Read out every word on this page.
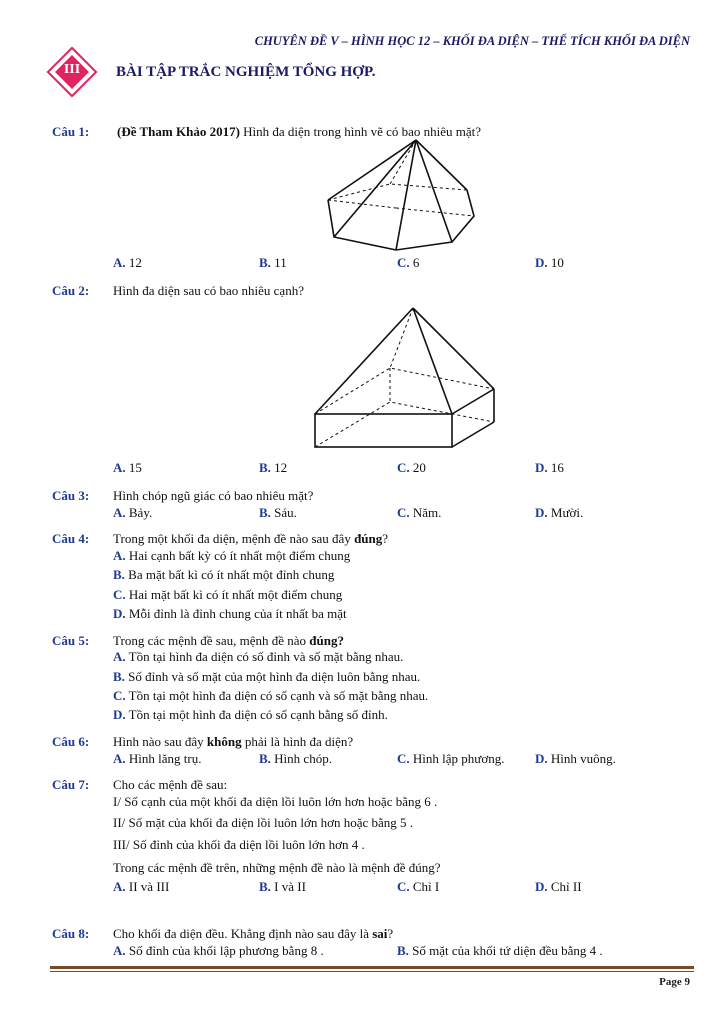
CHUYÊN ĐỀ V – HÌNH HỌC 12 – KHỐI ĐA DIỆN – THỂ TÍCH KHỐI ĐA DIỆN
III	BÀI TẬP TRẮC NGHIỆM TỔNG HỢP.
Câu 1: (Đề Tham Khảo 2017) Hình đa diện trong hình vẽ có bao nhiêu mặt?
A. 12	B. 11	C. 6	D. 10
Câu 2: Hình đa diện sau có bao nhiêu cạnh?
A. 15	B. 12	C. 20	D. 16
Câu 3: Hình chóp ngũ giác có bao nhiêu mặt?
A. Bảy.	B. Sáu.	C. Năm.	D. Mười.
Câu 4: Trong một khối đa diện, mệnh đề nào sau đây đúng?
A. Hai cạnh bất kỳ có ít nhất một điểm chung
B. Ba mặt bất kì có ít nhất một đỉnh chung
C. Hai mặt bất kì có ít nhất một điểm chung
D. Mỗi đỉnh là đỉnh chung của ít nhất ba mặt
Câu 5: Trong các mệnh đề sau, mệnh đề nào đúng?
A. Tồn tại hình đa diện có số đỉnh và số mặt bằng nhau.
B. Số đỉnh và số mặt của một hình đa diện luôn bằng nhau.
C. Tồn tại một hình đa diện có số cạnh và số mặt bằng nhau.
D. Tồn tại một hình đa diện có số cạnh bằng số đỉnh.
Câu 6: Hình nào sau đây không phải là hình đa diện?
A. Hình lăng trụ.	B. Hình chóp.	C. Hình lập phương. D. Hình vuông.
Câu 7: Cho các mệnh đề sau:
I/ Số cạnh của một khối đa diện lồi luôn lớn hơn hoặc bằng 6 .
II/ Số mặt của khối đa diện lồi luôn lớn hơn hoặc bằng 5 .
III/ Số đỉnh của khối đa diện lồi luôn lớn hơn 4 .
Trong các mệnh đề trên, những mệnh đề nào là mệnh đề đúng?
A. II và III	B. I và II	C. Chỉ I	D. Chỉ II
Câu 8: Cho khối đa diện đều. Khẳng định nào sau đây là sai?
A. Số đỉnh của khối lập phương bằng 8 .	B. Số mặt của khối tứ diện đều bằng 4 .
Page 9
